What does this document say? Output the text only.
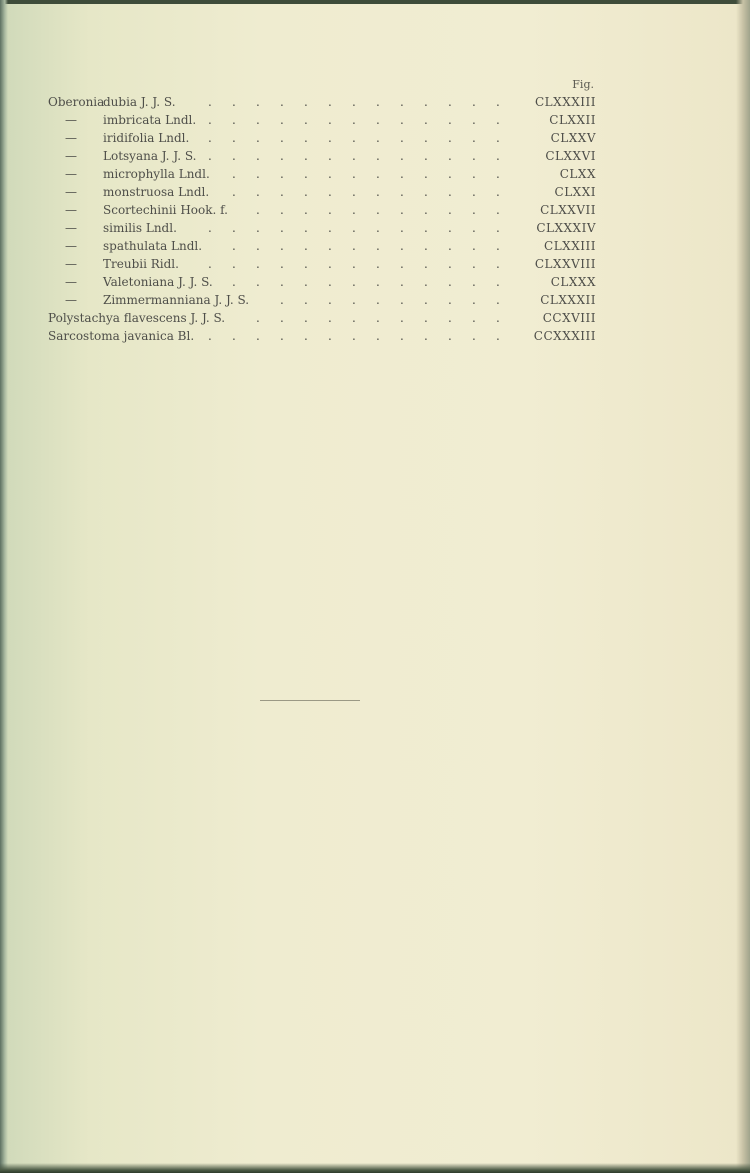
Fig.
Oberonia
dubia J. J. S.	CLXXXIII
. . . . . . . . . . . . .
— imbricata Lndl.	CLXXII
. . . . . . . . . . . . .
— iridifolia Lndl.	CLXXV
. . . . . . . . . . . . .
— Lotsyana J. J. S.	CLXXVI
. . . . . . . . . . . . .
— microphylla Lndl.	CLXX
. . . . . . . . . . . .
— monstruosa Lndl.	CLXXI
. . . . . . . . . . . .
— Scortechinii Hook. f.	CLXXVII
. . . . . . . . . . .
— similis Lndl.	CLXXXIV
. . . . . . . . . . . . .
— spathulata Lndl.	CLXXIII
. . . . . . . . . . . .
— Treubii Ridl.	CLXXVIII
. . . . . . . . . . . . .
— Valetoniana J. J. S.	CLXXX
. . . . . . . . . . . .
— Zimmermanniana J. J. S.	CLXXXII
. . . . . . . . . .
Polystachya flavescens J. J. S.	CCXVIII
. . . . . . . . . . .
Sarcostoma javanica Bl.	CCXXXIII
. . . . . . . . . . . . .
